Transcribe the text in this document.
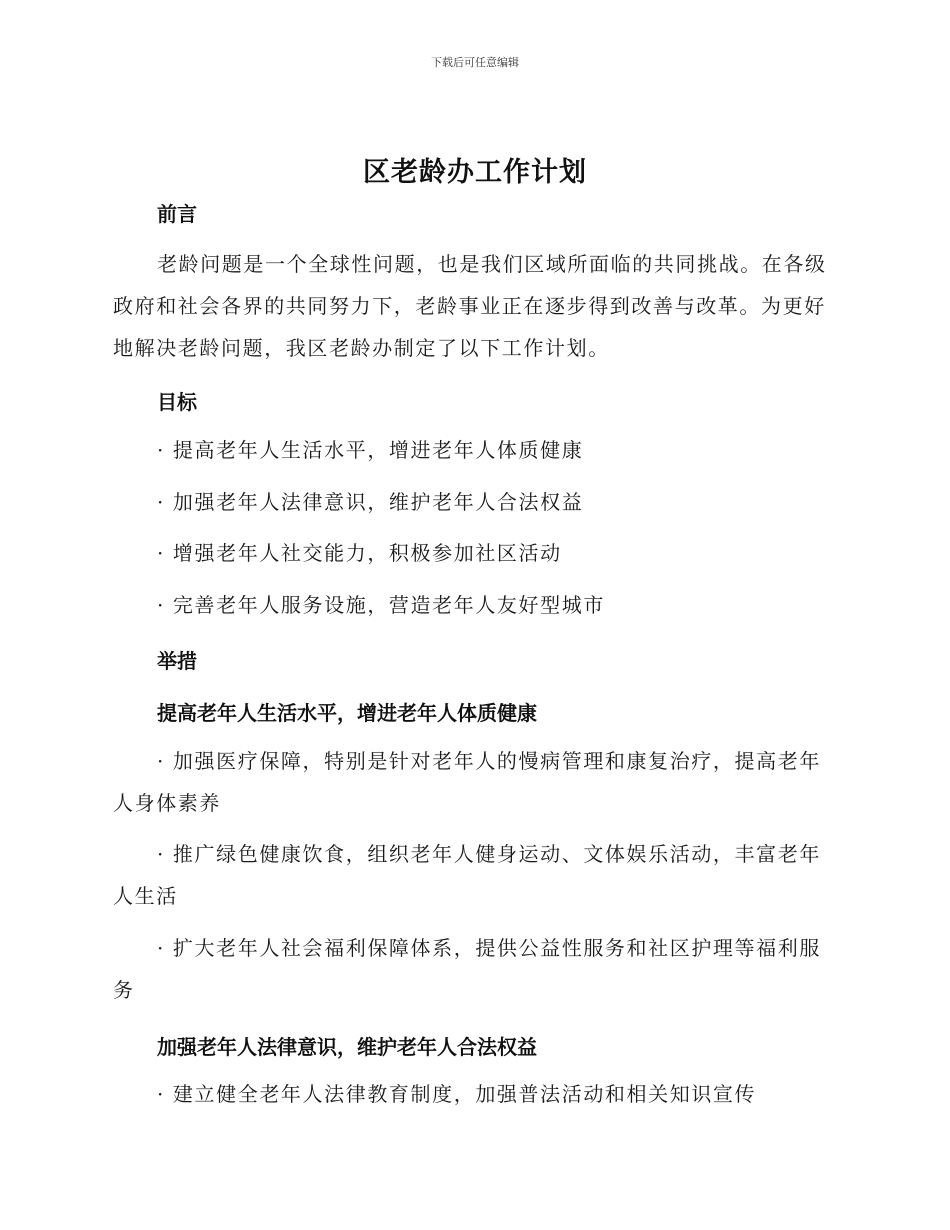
下载后可任意编辑
区老龄办工作计划
前言

老龄问题是一个全球性问题，也是我们区域所面临的共同挑战。在各级政府和社会各界的共同努力下，老龄事业正在逐步得到改善与改革。为更好地解决老龄问题，我区老龄办制定了以下工作计划。

目标

· 提高老年人生活水平，增进老年人体质健康

· 加强老年人法律意识，维护老年人合法权益

· 增强老年人社交能力，积极参加社区活动

· 完善老年人服务设施，营造老年人友好型城市

举措
提高老年人生活水平，增进老年人体质健康

· 加强医疗保障，特别是针对老年人的慢病管理和康复治疗，提高老年人身体素养

· 推广绿色健康饮食，组织老年人健身运动、文体娱乐活动，丰富老年人生活

· 扩大老年人社会福利保障体系，提供公益性服务和社区护理等福利服务

加强老年人法律意识，维护老年人合法权益

· 建立健全老年人法律教育制度，加强普法活动和相关知识宣传
